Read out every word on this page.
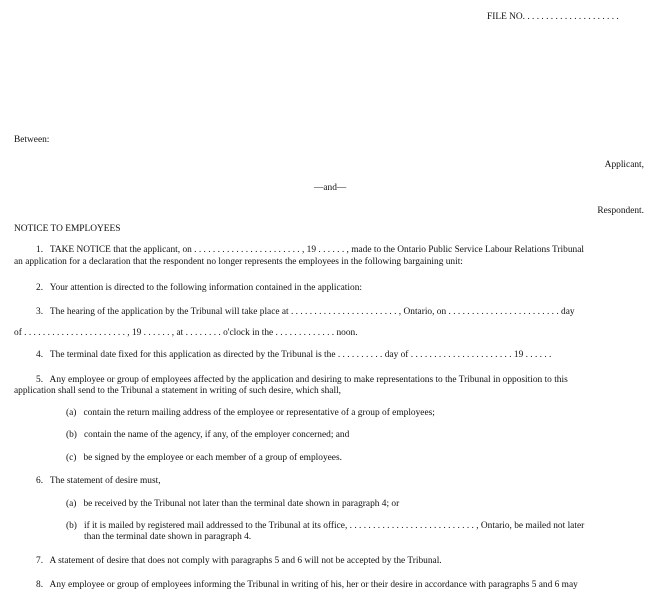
FILE NO. . . . . . . . . . . . . . . . . . . . .
Between:
Applicant,
—and—
Respondent.
NOTICE TO EMPLOYEES
1. TAKE NOTICE that the applicant, on . . . . . . . . . . . . . . . . . . . . . . . , 19 . . . . . . , made to the Ontario Public Service Labour Relations Tribunal
an application for a declaration that the respondent no longer represents the employees in the following bargaining unit:
2. Your attention is directed to the following information contained in the application:
3. The hearing of the application by the Tribunal will take place at . . . . . . . . . . . . . . . . . . . . . . . , Ontario, on . . . . . . . . . . . . . . . . . . . . . . . . day
of . . . . . . . . . . . . . . . . . . . . . . , 19 . . . . . . , at . . . . . . . . o'clock in the . . . . . . . . . . . . . noon.
4. The terminal date fixed for this application as directed by the Tribunal is the . . . . . . . . . . day of . . . . . . . . . . . . . . . . . . . . . . 19 . . . . . .
5. Any employee or group of employees affected by the application and desiring to make representations to the Tribunal in opposition to this
application shall send to the Tribunal a statement in writing of such desire, which shall,
(a) contain the return mailing address of the employee or representative of a group of employees;
(b) contain the name of the agency, if any, of the employer concerned; and
(c) be signed by the employee or each member of a group of employees.
6. The statement of desire must,
(a) be received by the Tribunal not later than the terminal date shown in paragraph 4; or
(b) if it is mailed by registered mail addressed to the Tribunal at its office, . . . . . . . . . . . . . . . . . . . . . . . . . . . , Ontario, be mailed not later
than the terminal date shown in paragraph 4.
7. A statement of desire that does not comply with paragraphs 5 and 6 will not be accepted by the Tribunal.
8. Any employee or group of employees informing the Tribunal in writing of his, her or their desire in accordance with paragraphs 5 and 6 may
